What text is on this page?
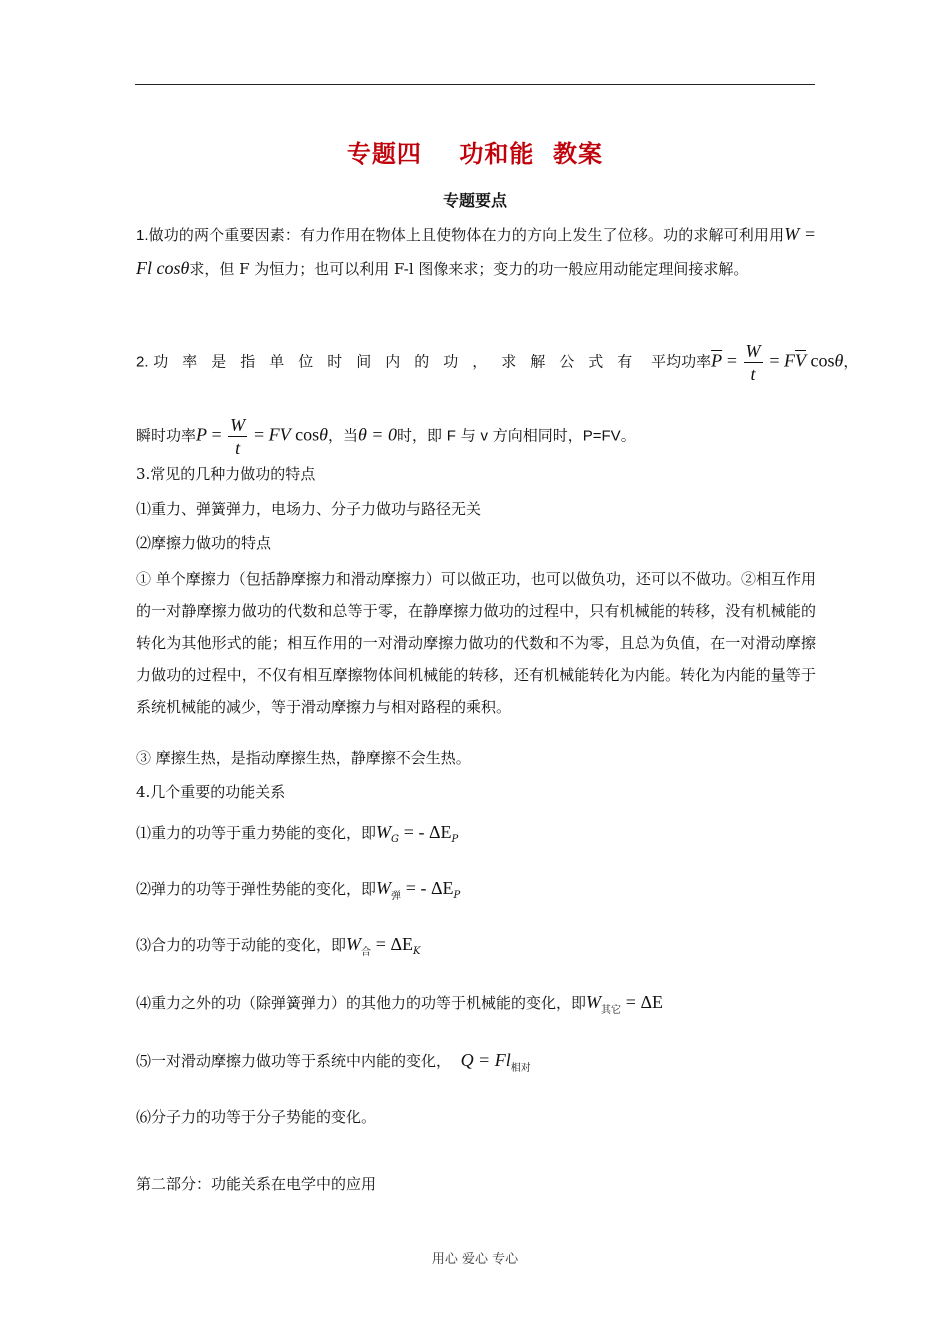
专题四    功和能  教案
专题要点
1.做功的两个重要因素：有力作用在物体上且使物体在力的方向上发生了位移。功的求解可利用用W = Fl cosθ求，但 F 为恒力；也可以利用 F-l 图像来求；变力的功一般应用动能定理间接求解。
2. 功率是指单位时间内的功，求解公式有 平均功率$\overline{P} = \frac{W}{t} = F\overline{V}$ cosθ，
瞬时功率$P = \frac{W}{t}$ = FV cosθ，当θ = 0时，即 F 与 v 方向相同时，P=FV。
3.常见的几种力做功的特点
⑴重力、弹簧弹力，电场力、分子力做功与路径无关
⑵摩擦力做功的特点
① 单个摩擦力（包括静摩擦力和滑动摩擦力）可以做正功，也可以做负功，还可以不做功。②相互作用的一对静摩擦力做功的代数和总等于零，在静摩擦力做功的过程中，只有机械能的转移，没有机械能的转化为其他形式的能；相互作用的一对滑动摩擦力做功的代数和不为零，且总为负值，在一对滑动摩擦力做功的过程中，不仅有相互摩擦物体间机械能的转移，还有机械能转化为内能。转化为内能的量等于系统机械能的减少，等于滑动摩擦力与相对路程的乘积。
③ 摩擦生热，是指动摩擦生热，静摩擦不会生热。
4.几个重要的功能关系
⑴重力的功等于重力势能的变化，即$W_G$ = - $\Delta E_P$
⑵弹力的功等于弹性势能的变化，即$W_弹$ = - $\Delta E_P$
⑶合力的功等于动能的变化，即$W_合 = \Delta E_K$
⑷重力之外的功（除弹簧弹力）的其他力的功等于机械能的变化，即$W_{其它} = \Delta E$
⑸一对滑动摩擦力做功等于系统中内能的变化， $Q = Fl_{相对}$
⑹分子力的功等于分子势能的变化。
第二部分：功能关系在电学中的应用
用心 爱心 专心
